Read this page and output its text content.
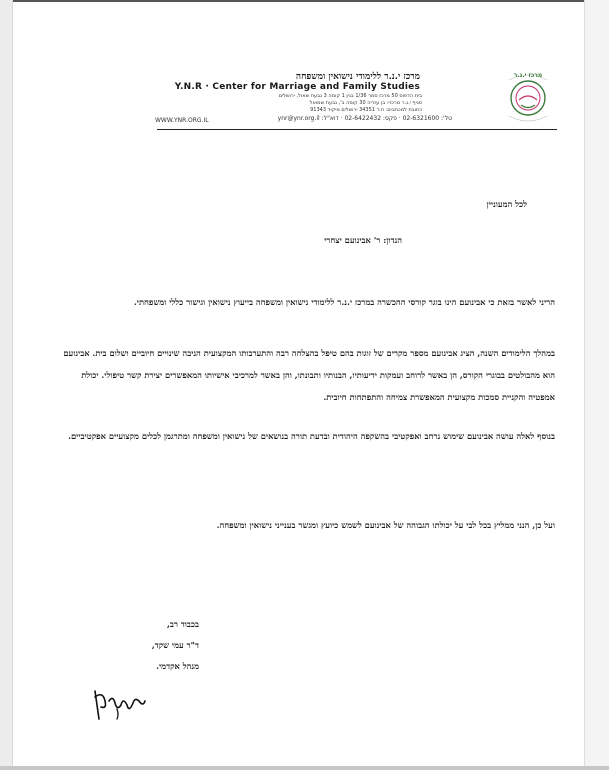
מרכז י.נ.ר
מרכז י.נ.ר ללימודי נישואין ומשפחה
Y.N.R · Center for Marriage and Family Studies
בית הדפוס 50 מרכז סמר 1/36 בנין 1 קומה 3 גבעת שאול, ירושלים
סניף י.נ.ר מרכזי: בן עזריה 30 קומה ב', גבעת שמואל
כתובת למכתבים: ת.ד 34351 ירושלים מיקוד 91343
טל': 02-6321600 · פקס: 02-6422432 · דוא"ל: ynr@ynr.org.il
WWW.YNR.ORG.IL
לכל המעוניין
הנדון: ר' אבינועם יצחרי
הריני לאשר בזאת כי אבינועם הינו בוגר קורסי ההכשרה במרכז י.נ.ר ללימודי נישואין ומשפחה בייעוץ נישואין וגישור כללי ומשפחתי.
במהלך הלימודים השנה, הציג אבינועם מספר מקרים של זוגות בהם טיפל בהצלחה רבה והתערבותו המקצועית הניבה שינויים חיוביים ושלום בית. אבינועם הוא מהבולטים בבוגרי הקורס, הן באשר לרוחב ועמקות ידיעותיו, הבנותיו ותבונתו, והן באשר למרכיבי אישיותו המאפשרים יצירת קשר טיפולי. יכולת אמפטיה והקניית סמכות מקצועית המאפשרת צמיחה והתפתחות חיובית.
בנוסף לאלה עושה אבינועם שימוש נרחב ואפקטיבי בהשקפה היהודית ובדעת תורה בנושאים של נישואין ומשפחה ומתרגמן לכלים מקצועיים אפקטיביים.
ועל כן, הנני ממליץ בכל לבי על יכולתו הגבוהה של אבינועם לשמש כיועץ ומגשר בענייני נישואין ומשפחה.
בכבוד רב,
ד"ר עמי שקד,
מנהל אקדמי.
